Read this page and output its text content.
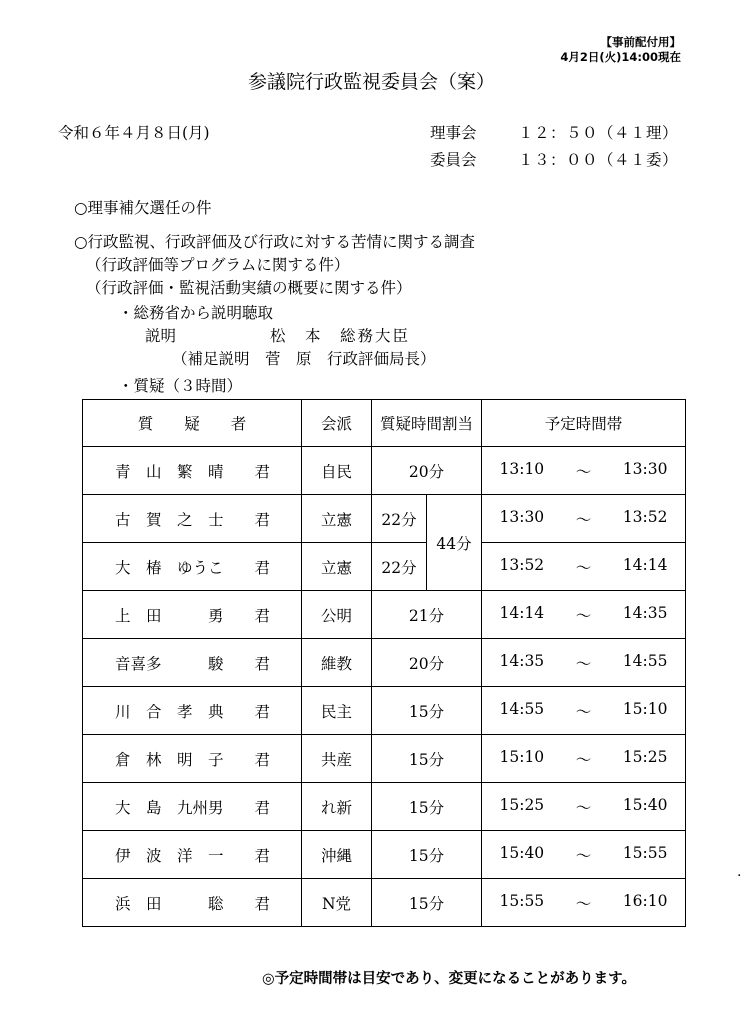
【事前配付用】
4月2日(火)14:00現在
参議院行政監視委員会（案）
令和６年４月８日(月)	理事会	１２：５０（４１理）
委員会	１３：００（４１委）
○理事補欠選任の件
○行政監視、行政評価及び行政に対する苦情に関する調査
（行政評価等プログラムに関する件）
（行政評価・監視活動実績の概要に関する件）
・総務省から説明聴取
説明	松　本　総務大臣
（補足説明　菅　原　行政評価局長）
・質疑（３時間）
質　　疑　　者	会派	質疑時間割当		予定時間帯

青　山　繁　晴　　君	自民	20分		13:10 ～ 13:30

古　賀　之　士　　君	立憲	22分	44分	13:30 ～ 13:52

大　椿　ゆうこ　　君	立憲	22分		13:52 ～ 14:14

上　田　　　勇　　君	公明	21分		14:14 ～ 14:35

音喜多　　　駿　　君	維教	20分		14:35 ～ 14:55

川　合　孝　典　　君	民主	15分		14:55 ～ 15:10

倉　林　明　子　　君	共産	15分		15:10 ～ 15:25

大　島　九州男　　君	れ新	15分		15:25 ～ 15:40

伊　波　洋　一　　君	沖縄	15分		15:40 ～ 15:55

浜　田　　　聡　　君	N党	15分		15:55 ～ 16:10
·
◎予定時間帯は目安であり、変更になることがあります。
